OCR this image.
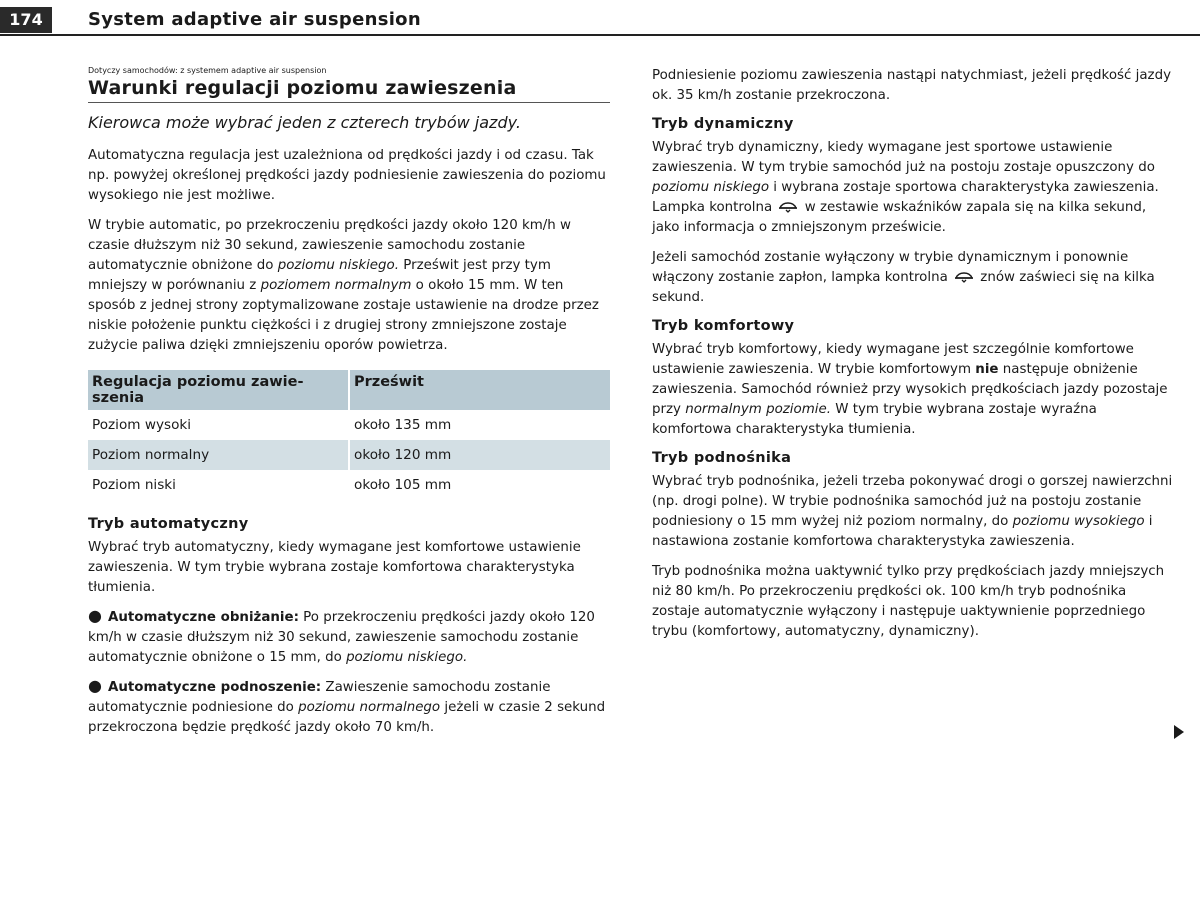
174	System adaptive air suspension
Dotyczy samochodów: z systemem adaptive air suspension
Warunki regulacji poziomu zawieszenia
Kierowca może wybrać jeden z czterech trybów jazdy.

Automatyczna regulacja jest uzależniona od prędkości jazdy i od czasu. Tak np. powyżej określonej prędkości jazdy podniesienie zawieszenia do poziomu wysokiego nie jest możliwe.

W trybie automatic, po przekroczeniu prędkości jazdy około 120 km/h w czasie dłuższym niż 30 sekund, zawieszenie samochodu zostanie automatycznie obniżone do poziomu niskiego. Prześwit jest przy tym mniejszy w porównaniu z poziomem normalnym o około 15 mm. W ten sposób z jednej strony zoptymalizowane zostaje ustawienie na drodze przez niskie położenie punktu ciężkości i z drugiej strony zmniejszone zostaje zużycie paliwa dzięki zmniejszeniu oporów powietrza.

Regulacja poziomu zawieszenia	Prześwit
Poziom wysoki	około 135 mm
Poziom normalny	około 120 mm
Poziom niski	około 105 mm
Tryb automatyczny

Wybrać tryb automatyczny, kiedy wymagane jest komfortowe ustawienie zawieszenia. W tym trybie wybrana zostaje komfortowa charakterystyka tłumienia.

● Automatyczne obniżanie: Po przekroczeniu prędkości jazdy około 120 km/h w czasie dłuższym niż 30 sekund, zawieszenie samochodu zostanie automatycznie obniżone o 15 mm, do poziomu niskiego.

● Automatyczne podnoszenie: Zawieszenie samochodu zostanie automatycznie podniesione do poziomu normalnego jeżeli w czasie 2 sekund przekroczona będzie prędkość jazdy około 70 km/h.

Podniesienie poziomu zawieszenia nastąpi natychmiast, jeżeli prędkość jazdy ok. 35 km/h zostanie przekroczona.

Tryb dynamiczny

Wybrać tryb dynamiczny, kiedy wymagane jest sportowe ustawienie zawieszenia. W tym trybie samochód już na postoju zostaje opuszczony do poziomu niskiego i wybrana zostaje sportowa charakterystyka zawieszenia. Lampka kontrolna  w zestawie wskaźników zapala się na kilka sekund, jako informacja o zmniejszonym prześwicie.

Jeżeli samochód zostanie wyłączony w trybie dynamicznym i ponownie włączony zostanie zapłon, lampka kontrolna  znów zaświeci się na kilka sekund.

Tryb komfortowy

Wybrać tryb komfortowy, kiedy wymagane jest szczególnie komfortowe ustawienie zawieszenia. W trybie komfortowym nie następuje obniżenie zawieszenia. Samochód również przy wysokich prędkościach jazdy pozostaje przy normalnym poziomie. W tym trybie wybrana zostaje wyraźna komfortowa charakterystyka tłumienia.

Tryb podnośnika

Wybrać tryb podnośnika, jeżeli trzeba pokonywać drogi o gorszej nawierzchni (np. drogi polne). W trybie podnośnika samochód już na postoju zostanie podniesiony o 15 mm wyżej niż poziom normalny, do poziomu wysokiego i nastawiona zostanie komfortowa charakterystyka zawieszenia.

Tryb podnośnika można uaktywnić tylko przy prędkościach jazdy mniejszych niż 80 km/h. Po przekroczeniu prędkości ok. 100 km/h tryb podnośnika zostaje automatycznie wyłączony i następuje uaktywnienie poprzedniego trybu (komfortowy, automatyczny, dynamiczny).
